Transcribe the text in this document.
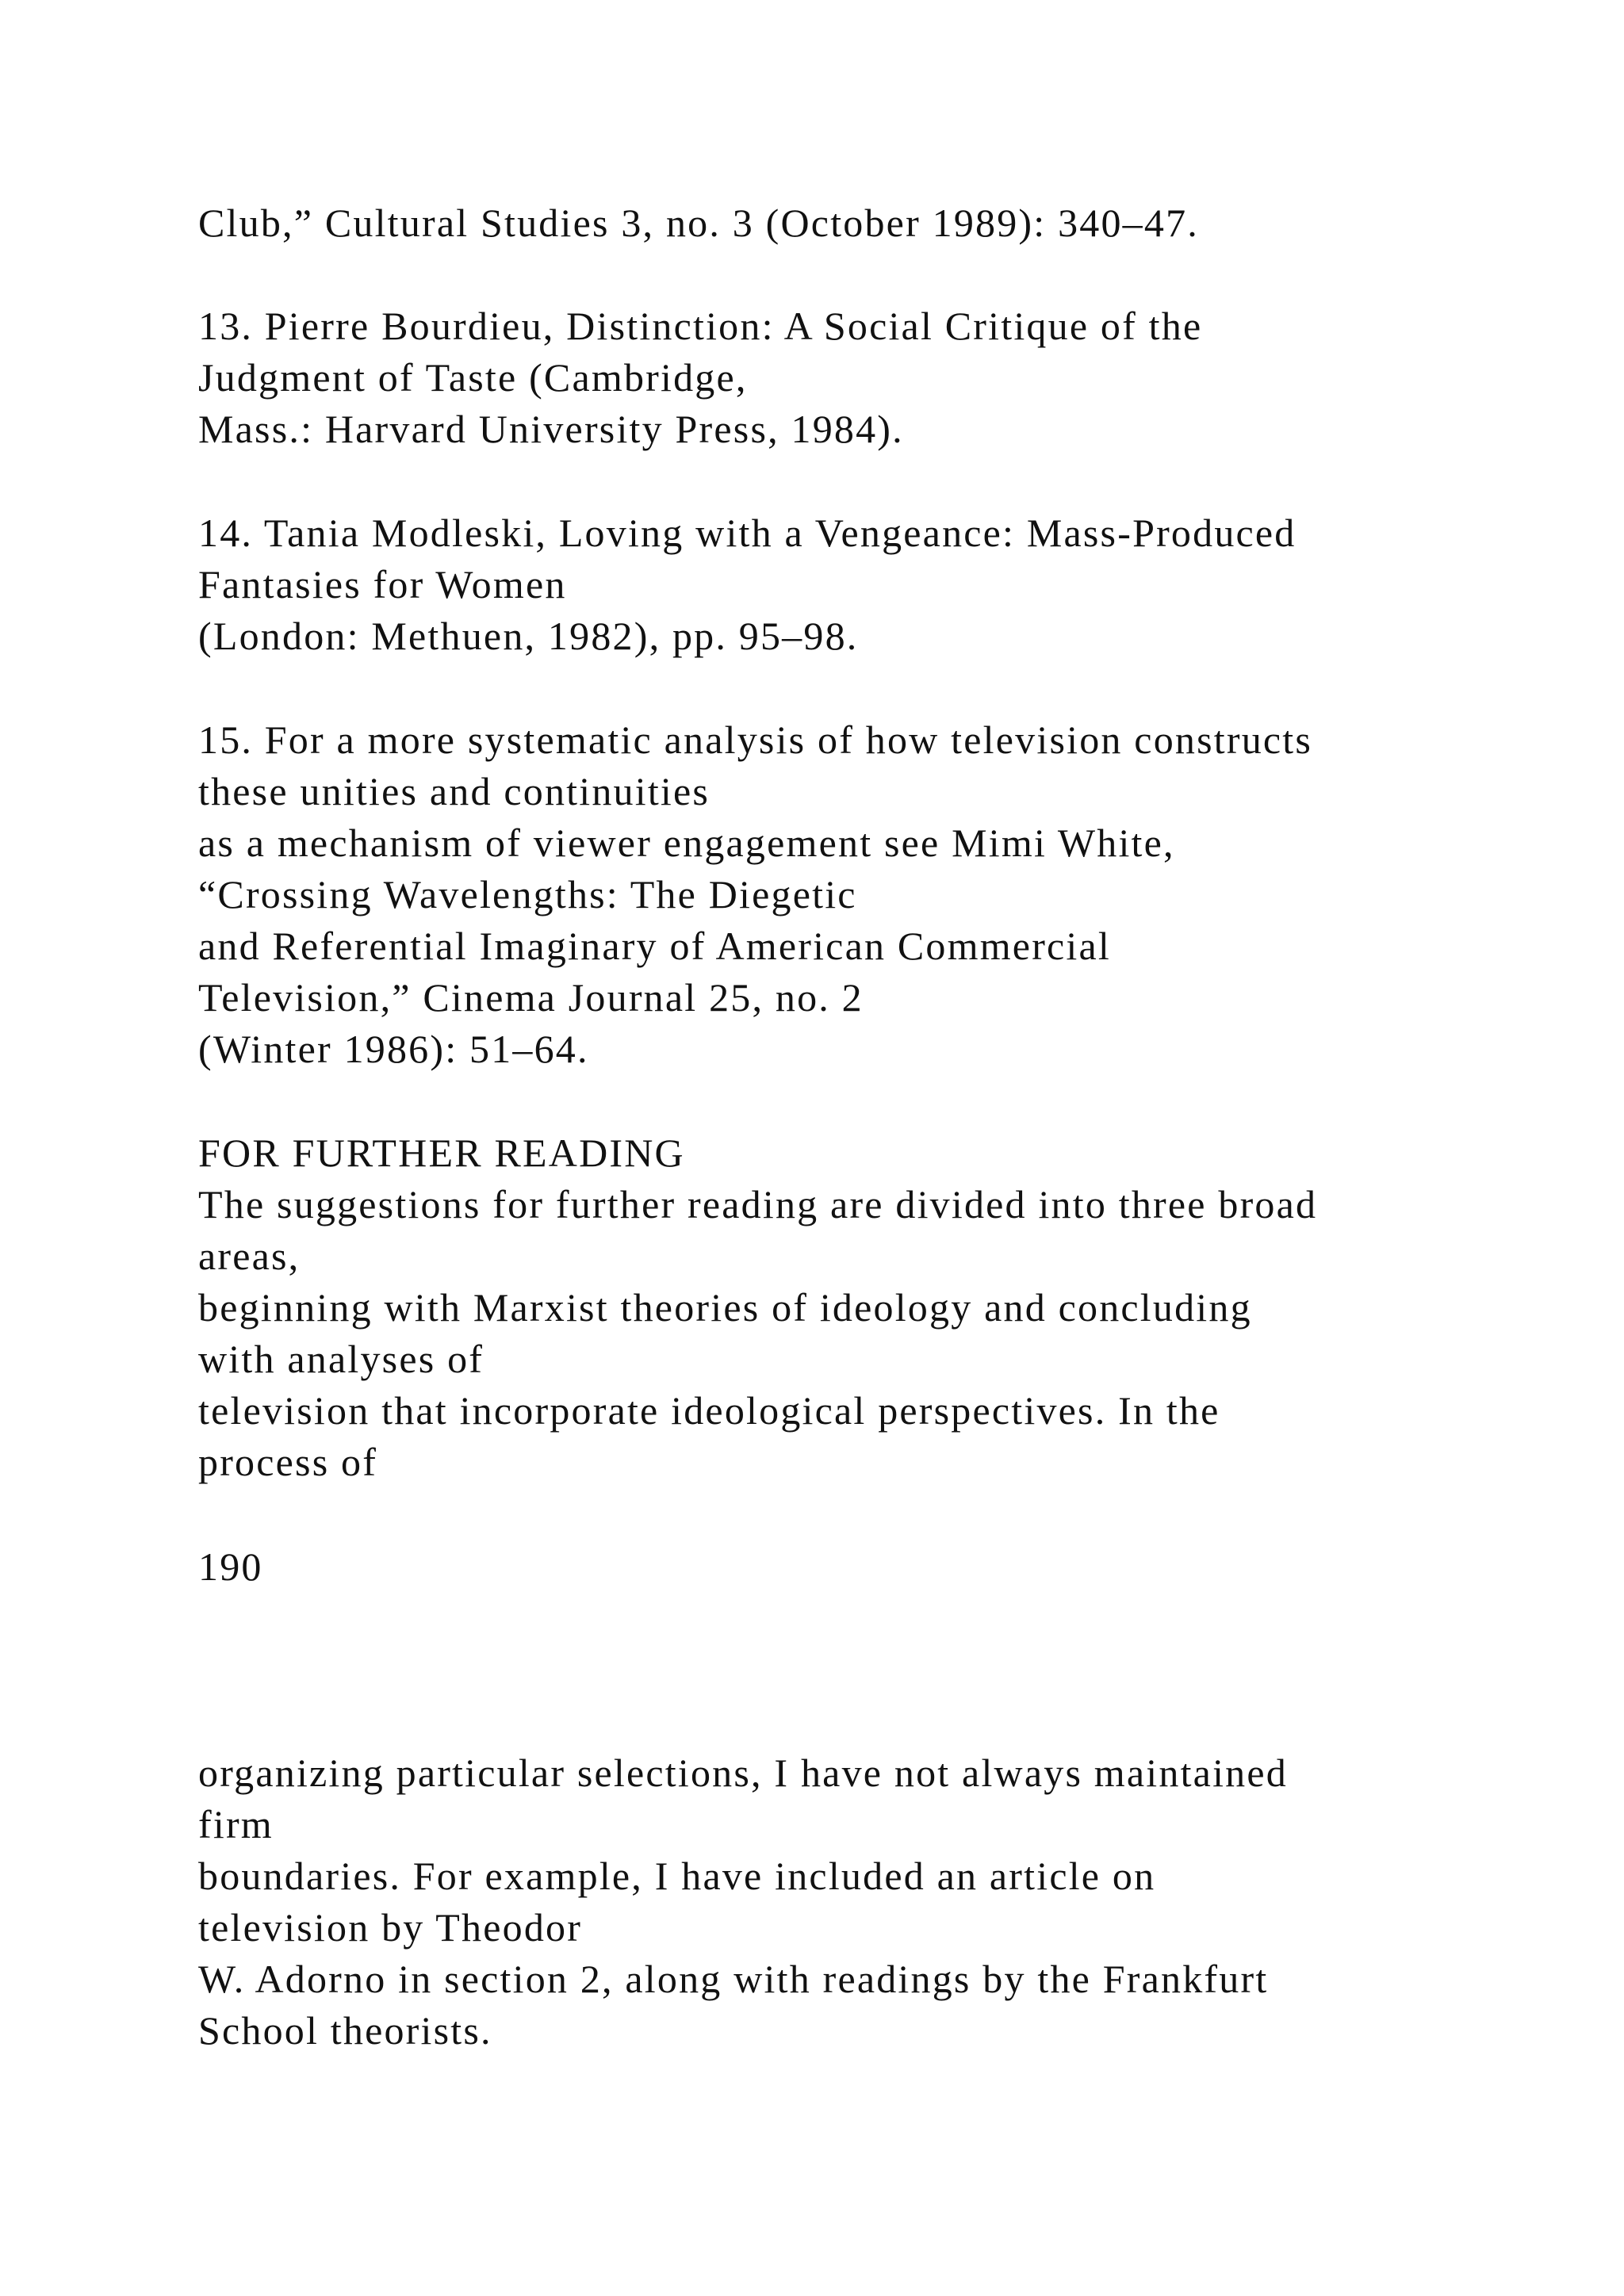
Club,” Cultural Studies 3, no. 3 (October 1989): 340–47.

13. Pierre Bourdieu, Distinction: A Social Critique of the

Judgment of Taste (Cambridge,

Mass.: Harvard University Press, 1984).

14. Tania Modleski, Loving with a Vengeance: Mass-Produced

Fantasies for Women

(London: Methuen, 1982), pp. 95–98.

15. For a more systematic analysis of how television constructs

these unities and continuities

as a mechanism of viewer engagement see Mimi White,

“Crossing Wavelengths: The Diegetic

and Referential Imaginary of American Commercial

Television,” Cinema Journal 25, no. 2

(Winter 1986): 51–64.

FOR FURTHER READING

The suggestions for further reading are divided into three broad

areas,

beginning with Marxist theories of ideology and concluding

with analyses of

television that incorporate ideological perspectives. In the

process of

190

organizing particular selections, I have not always maintained

firm

boundaries. For example, I have included an article on

television by Theodor

W. Adorno in section 2, along with readings by the Frankfurt

School theorists.
